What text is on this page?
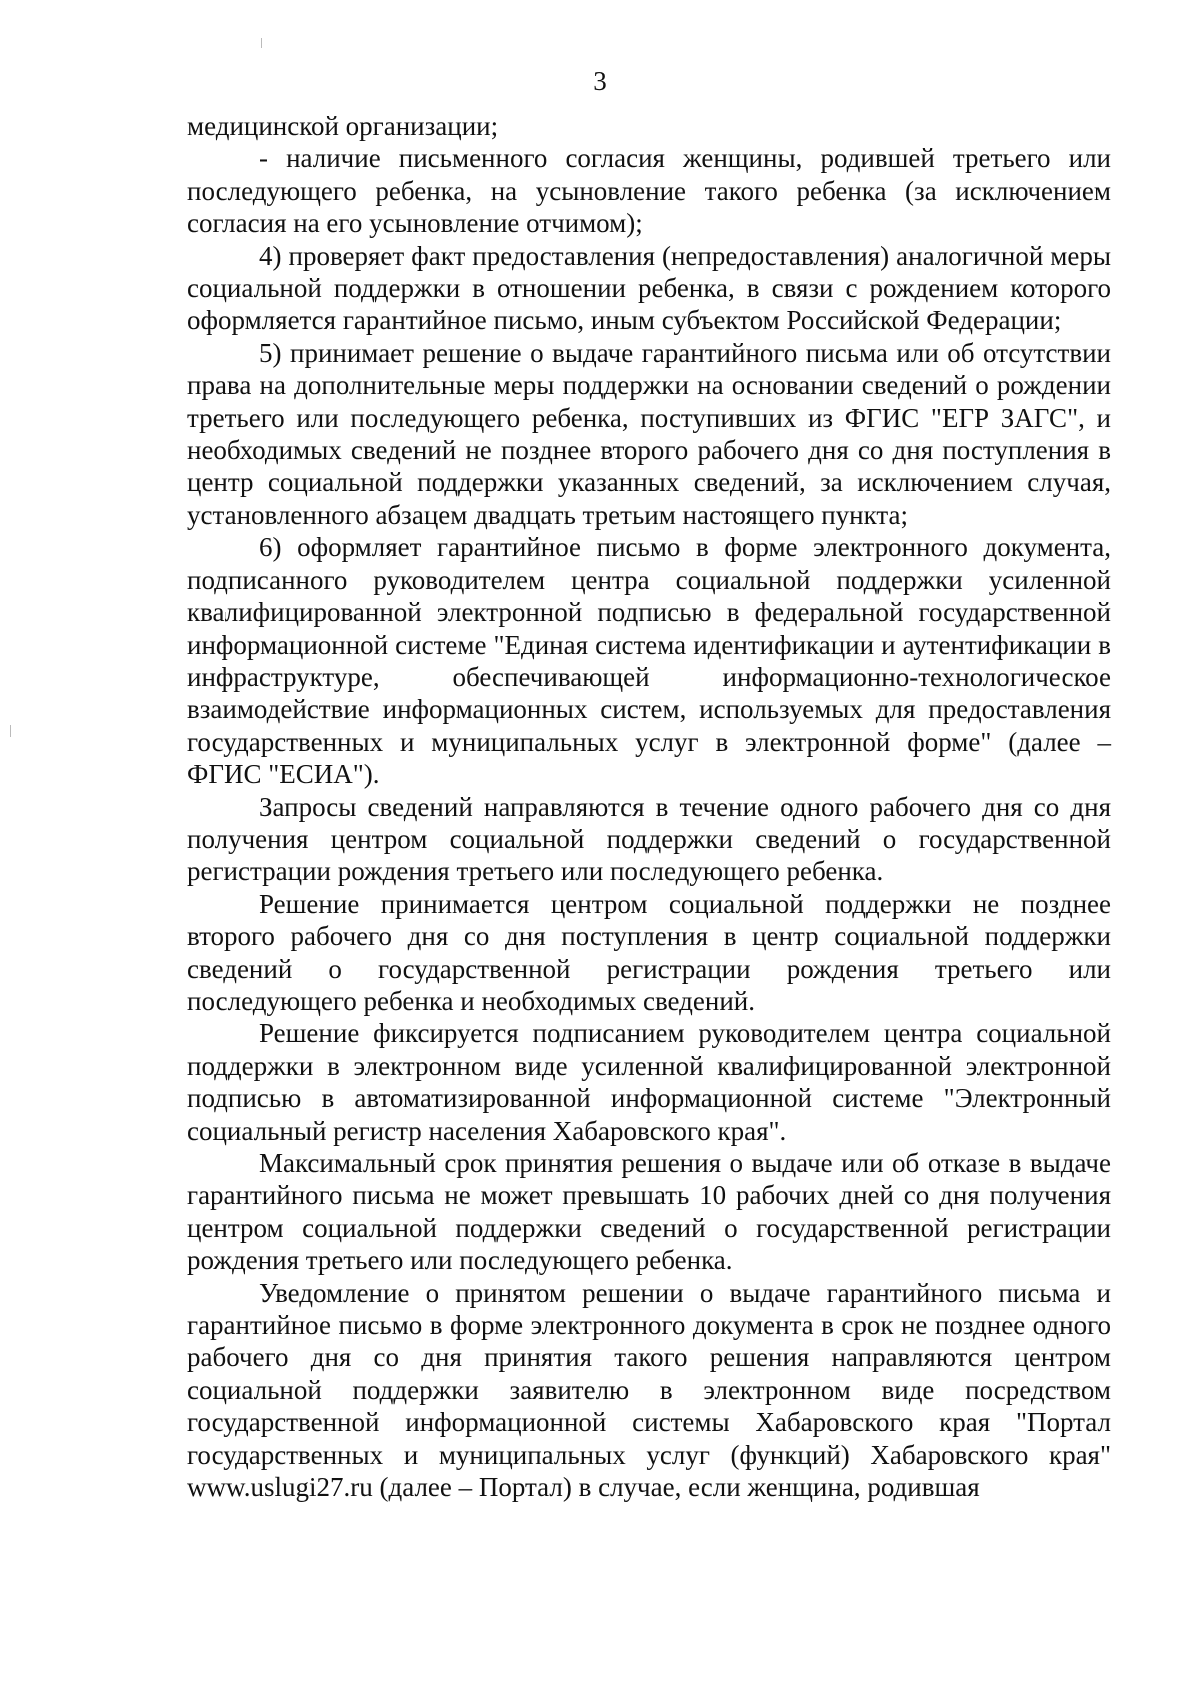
3

медицинской организации;

- наличие письменного согласия женщины, родившей третьего или последующего ребенка, на усыновление такого ребенка (за исключением согласия на его усыновление отчимом);

4) проверяет факт предоставления (непредоставления) аналогичной меры социальной поддержки в отношении ребенка, в связи с рождением которого оформляется гарантийное письмо, иным субъектом Российской Федерации;

5) принимает решение о выдаче гарантийного письма или об отсутствии права на дополнительные меры поддержки на основании сведений о рождении третьего или последующего ребенка, поступивших из ФГИС "ЕГР ЗАГС", и необходимых сведений не позднее второго рабочего дня со дня поступления в центр социальной поддержки указанных сведений, за исключением случая, установленного абзацем двадцать третьим настоящего пункта;

6) оформляет гарантийное письмо в форме электронного документа, подписанного руководителем центра социальной поддержки усиленной квалифицированной электронной подписью в федеральной государственной информационной системе "Единая система идентификации и аутентификации в инфраструктуре, обеспечивающей информационно-технологическое взаимодействие информационных систем, используемых для предоставления государственных и муниципальных услуг в электронной форме" (далее – ФГИС "ЕСИА").

Запросы сведений направляются в течение одного рабочего дня со дня получения центром социальной поддержки сведений о государственной регистрации рождения третьего или последующего ребенка.

Решение принимается центром социальной поддержки не позднее второго рабочего дня со дня поступления в центр социальной поддержки сведений о государственной регистрации рождения третьего или последующего ребенка и необходимых сведений.

Решение фиксируется подписанием руководителем центра социальной поддержки в электронном виде усиленной квалифицированной электронной подписью в автоматизированной информационной системе "Электронный социальный регистр населения Хабаровского края".

Максимальный срок принятия решения о выдаче или об отказе в выдаче гарантийного письма не может превышать 10 рабочих дней со дня получения центром социальной поддержки сведений о государственной регистрации рождения третьего или последующего ребенка.

Уведомление о принятом решении о выдаче гарантийного письма и гарантийное письмо в форме электронного документа в срок не позднее одного рабочего дня со дня принятия такого решения направляются центром социальной поддержки заявителю в электронном виде посредством государственной информационной системы Хабаровского края "Портал государственных и муниципальных услуг (функций) Хабаровского края" www.uslugi27.ru (далее – Портал) в случае, если женщина, родившая
